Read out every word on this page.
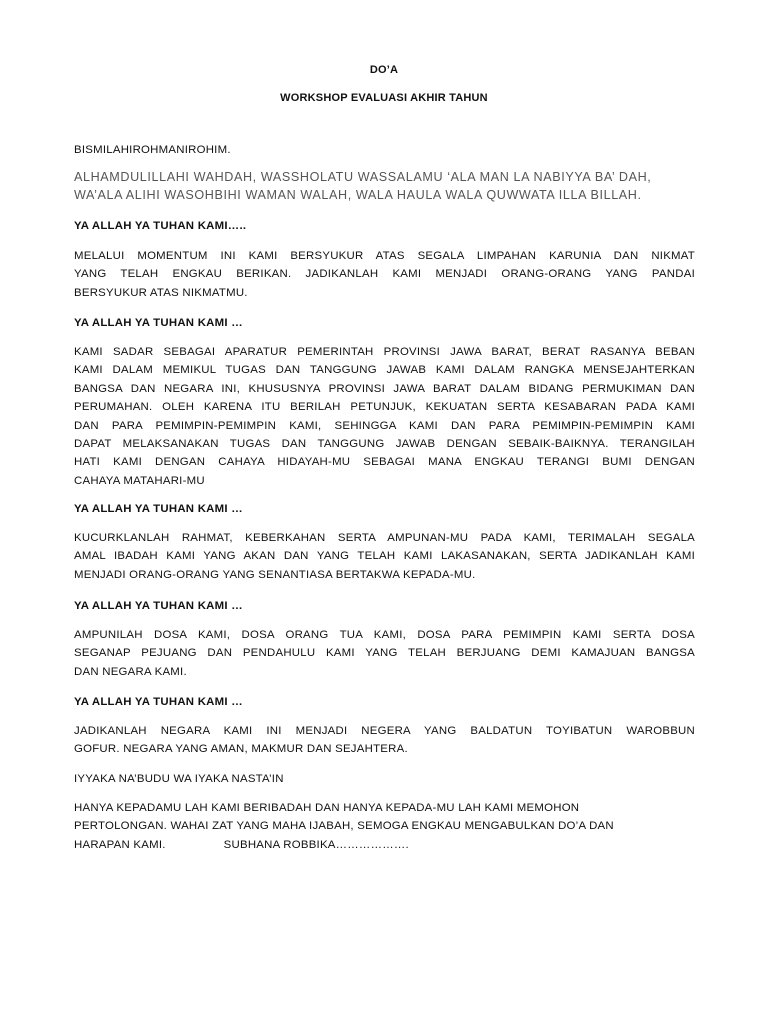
DO’A
WORKSHOP EVALUASI AKHIR TAHUN
BISMILAHIROHMANIROHIM.
ALHAMDULILLAHI WAHDAH, WASSHOLATU WASSALAMU ‘ALA MAN LA NABIYYA BA’ DAH,
WA’ALA ALIHI WASOHBIHI WAMAN WALAH, WALA HAULA WALA QUWWATA ILLA BILLAH.
YA ALLAH YA TUHAN KAMI…..
MELALUI MOMENTUM INI KAMI BERSYUKUR ATAS SEGALA LIMPAHAN KARUNIA DAN NIKMAT
YANG TELAH ENGKAU BERIKAN. JADIKANLAH KAMI MENJADI ORANG-ORANG YANG PANDAI
BERSYUKUR ATAS NIKMATMU.
YA ALLAH YA TUHAN KAMI …
KAMI SADAR SEBAGAI APARATUR PEMERINTAH PROVINSI JAWA BARAT, BERAT RASANYA BEBAN
KAMI DALAM MEMIKUL TUGAS DAN TANGGUNG JAWAB KAMI DALAM RANGKA MENSEJAHTERKAN
BANGSA DAN NEGARA INI, KHUSUSNYA PROVINSI JAWA BARAT DALAM BIDANG PERMUKIMAN DAN
PERUMAHAN. OLEH KARENA ITU BERILAH PETUNJUK, KEKUATAN SERTA KESABARAN PADA KAMI
DAN PARA PEMIMPIN-PEMIMPIN KAMI, SEHINGGA KAMI DAN PARA PEMIMPIN-PEMIMPIN KAMI
DAPAT MELAKSANAKAN TUGAS DAN TANGGUNG JAWAB DENGAN SEBAIK-BAIKNYA. TERANGILAH
HATI KAMI DENGAN CAHAYA HIDAYAH-MU SEBAGAI MANA ENGKAU TERANGI BUMI DENGAN
CAHAYA MATAHARI-MU
YA ALLAH YA TUHAN KAMI …
KUCURKLANLAH RAHMAT, KEBERKAHAN SERTA AMPUNAN-MU PADA KAMI, TERIMALAH SEGALA
AMAL IBADAH KAMI YANG AKAN DAN YANG TELAH KAMI LAKASANAKAN, SERTA JADIKANLAH KAMI
MENJADI ORANG-ORANG YANG SENANTIASA BERTAKWA KEPADA-MU.
YA ALLAH YA TUHAN KAMI …
AMPUNILAH DOSA KAMI, DOSA ORANG TUA KAMI, DOSA PARA PEMIMPIN KAMI SERTA DOSA
SEGANAP PEJUANG DAN PENDAHULU KAMI YANG TELAH BERJUANG DEMI KAMAJUAN BANGSA
DAN NEGARA KAMI.
YA ALLAH YA TUHAN KAMI …
JADIKANLAH NEGARA KAMI INI MENJADI NEGERA YANG BALDATUN TOYIBATUN WAROBBUN
GOFUR. NEGARA YANG AMAN, MAKMUR DAN SEJAHTERA.
IYYAKA NA’BUDU WA IYAKA NASTA’IN
HANYA KEPADAMU LAH KAMI BERIBADAH DAN HANYA KEPADA-MU LAH KAMI MEMOHON
PERTOLONGAN. WAHAI ZAT YANG MAHA IJABAH, SEMOGA ENGKAU MENGABULKAN DO’A DAN
HARAPAN KAMI.	SUBHANA ROBBIKA……………….
